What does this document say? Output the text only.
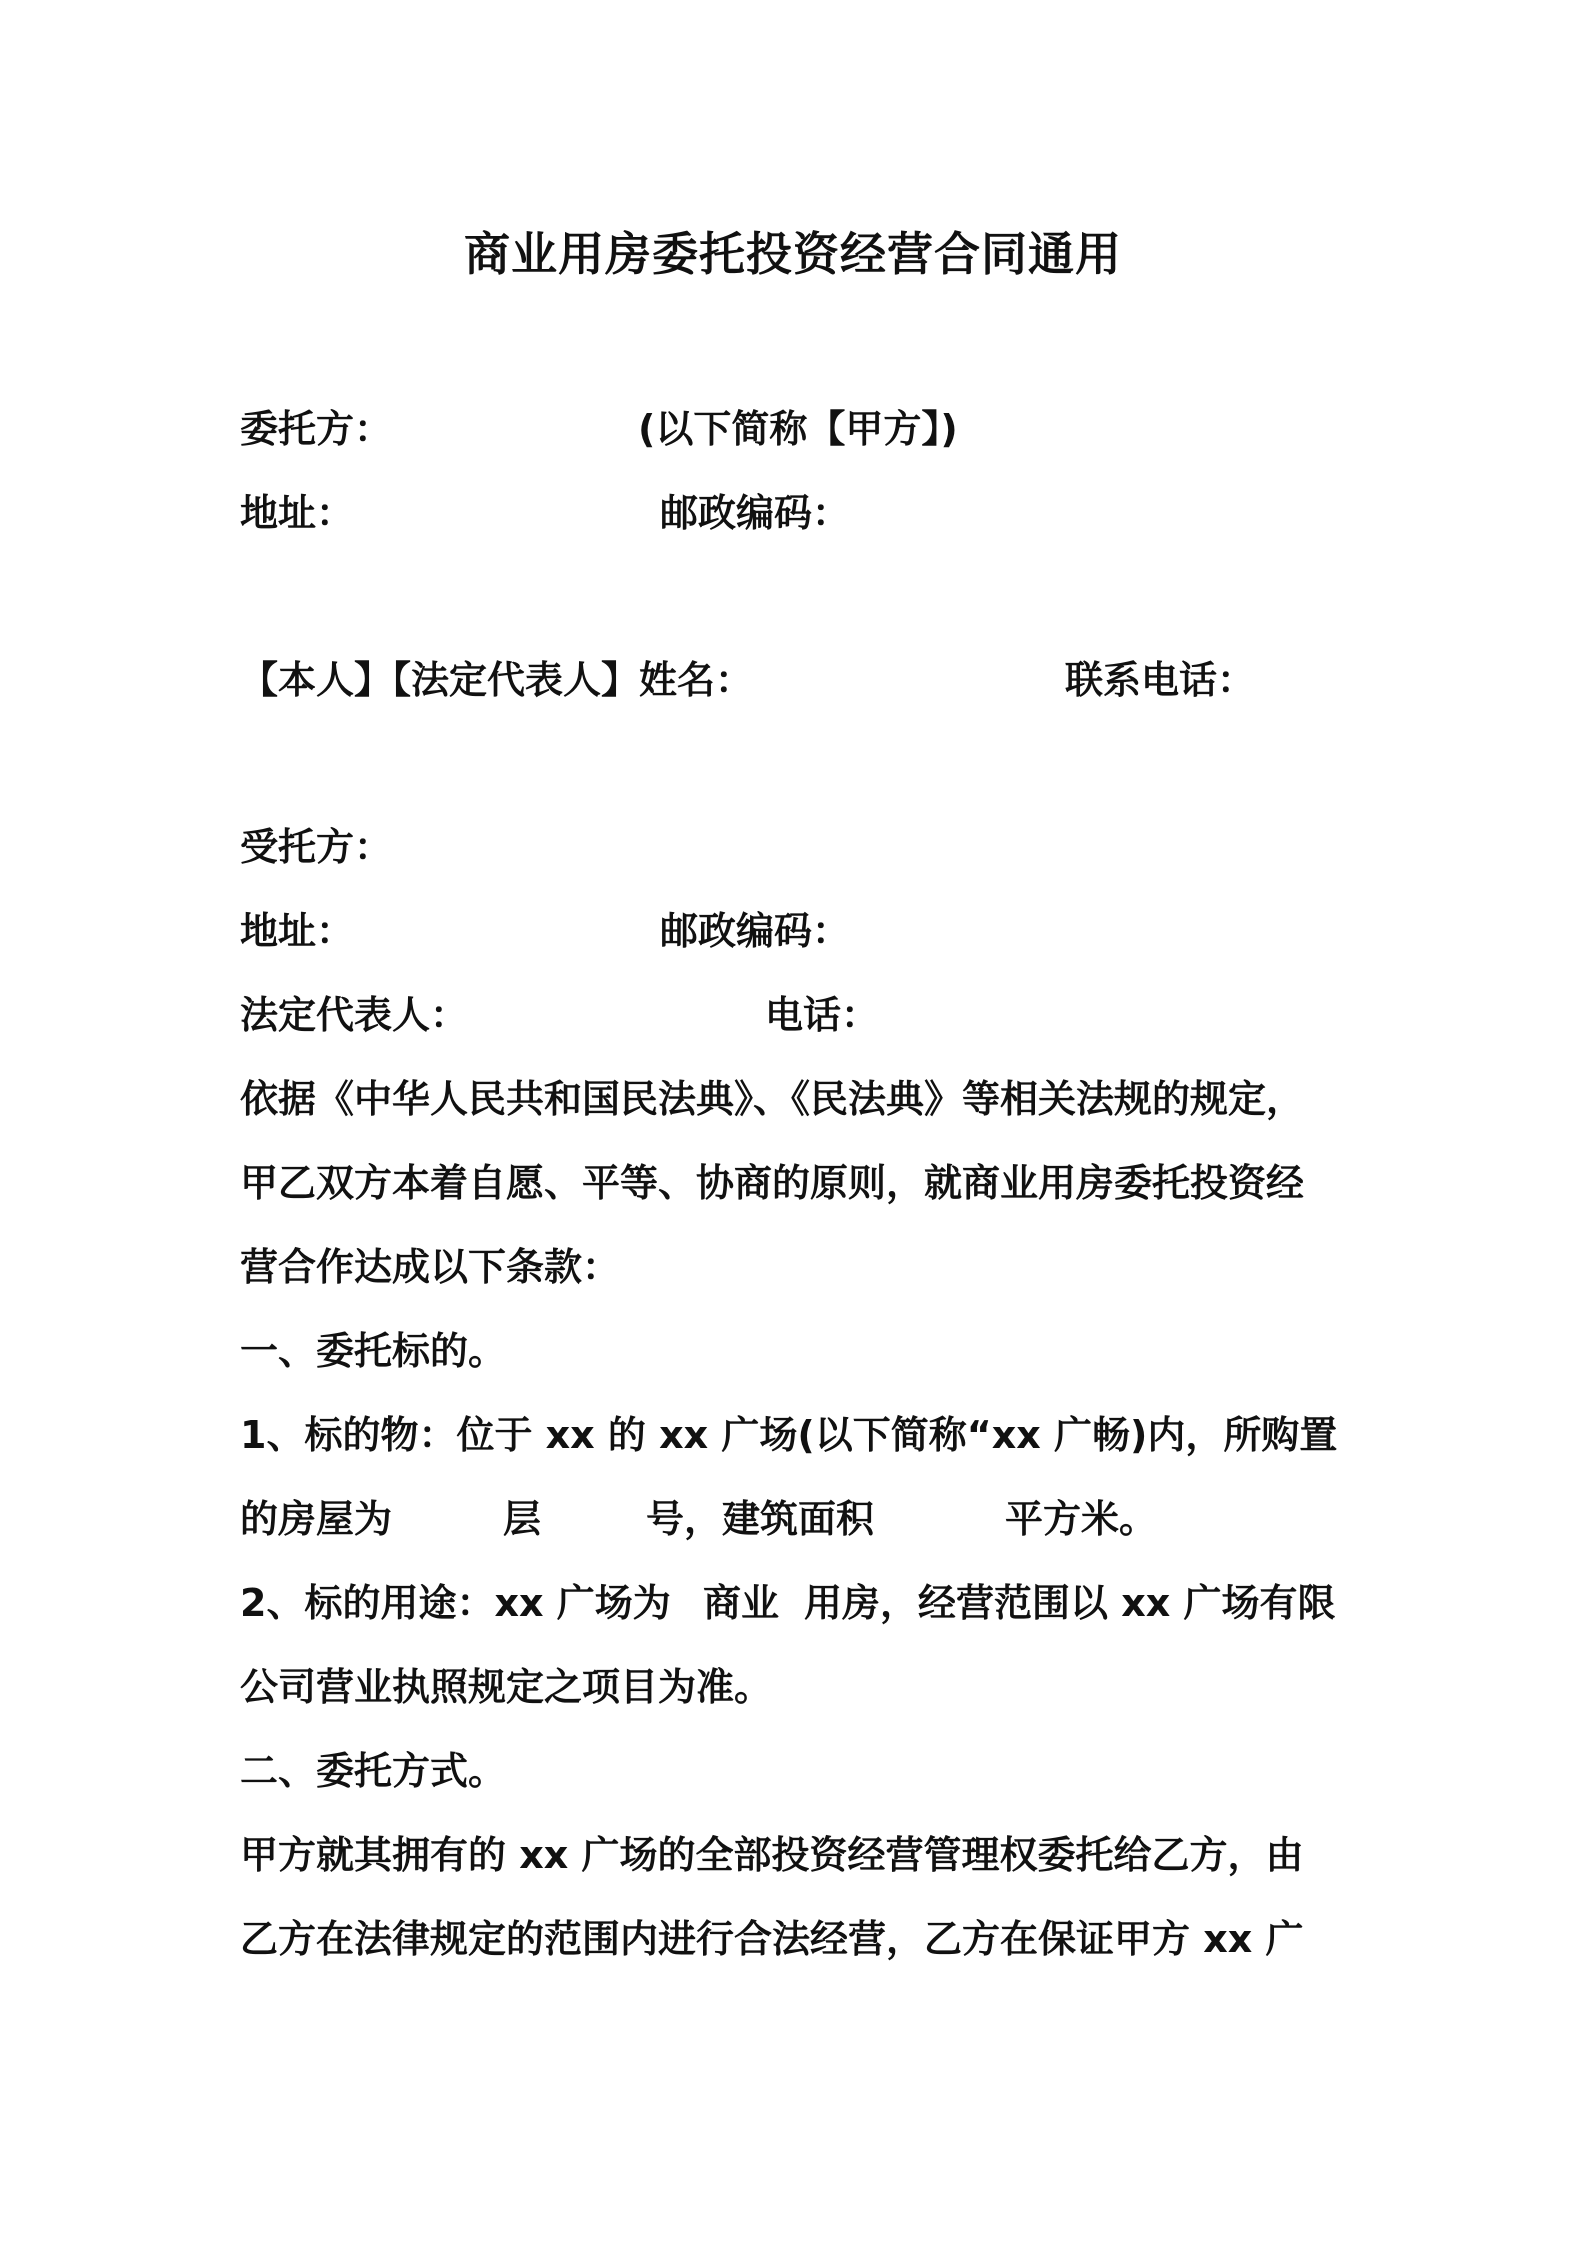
商业用房委托投资经营合同通用
委托方：	(以下简称【甲方】)
地址：	邮政编码：
【本人】【法定代表人】姓名：	联系电话：
受托方：
地址：	邮政编码：
法定代表人：	电话：
依据《中华人民共和国民法典》、《民法典》等相关法规的规定，
甲乙双方本着自愿、平等、协商的原则，就商业用房委托投资经
营合作达成以下条款：
一、委托标的。
1、标的物：位于 xx 的 xx 广场(以下简称“xx 广畅)内，所购置
的房屋为	层	号，建筑面积	平方米。
2、标的用途：xx 广场为 商业 用房，经营范围以 xx 广场有限
公司营业执照规定之项目为准。
二、委托方式。
甲方就其拥有的 xx 广场的全部投资经营管理权委托给乙方，由
乙方在法律规定的范围内进行合法经营，乙方在保证甲方 xx 广
